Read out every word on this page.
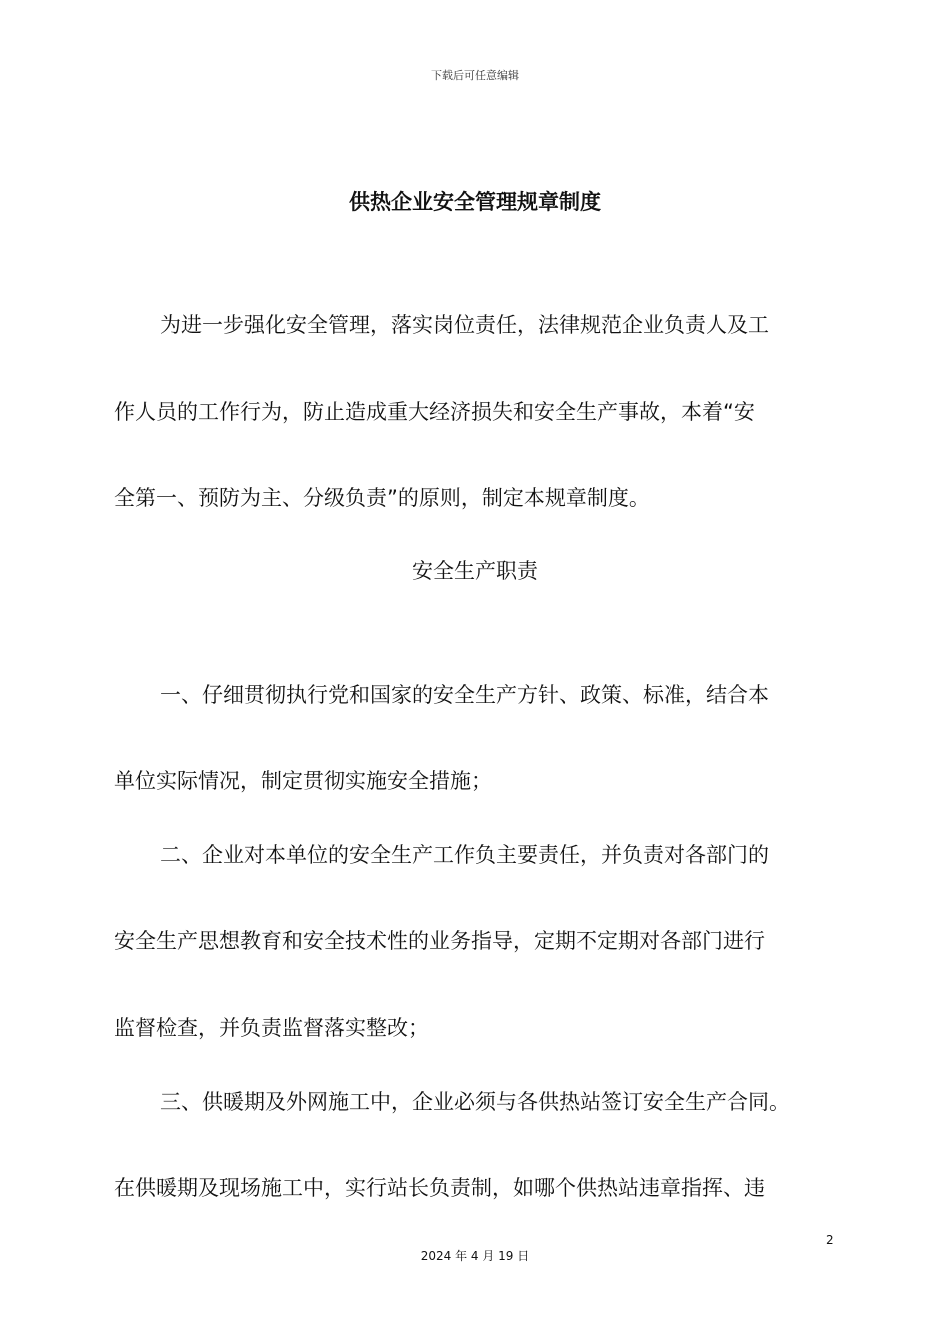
下载后可任意编辑
供热企业安全管理规章制度
为进一步强化安全管理，落实岗位责任，法律规范企业负责人及工
作人员的工作行为，防止造成重大经济损失和安全生产事故，本着“安
全第一、预防为主、分级负责”的原则，制定本规章制度。
安全生产职责
一、仔细贯彻执行党和国家的安全生产方针、政策、标准，结合本
单位实际情况，制定贯彻实施安全措施；
二、企业对本单位的安全生产工作负主要责任，并负责对各部门的
安全生产思想教育和安全技术性的业务指导，定期不定期对各部门进行
监督检查，并负责监督落实整改；
三、供暖期及外网施工中，企业必须与各供热站签订安全生产合同。
在供暖期及现场施工中，实行站长负责制，如哪个供热站违章指挥、违
2
2024 年 4 月 19 日
